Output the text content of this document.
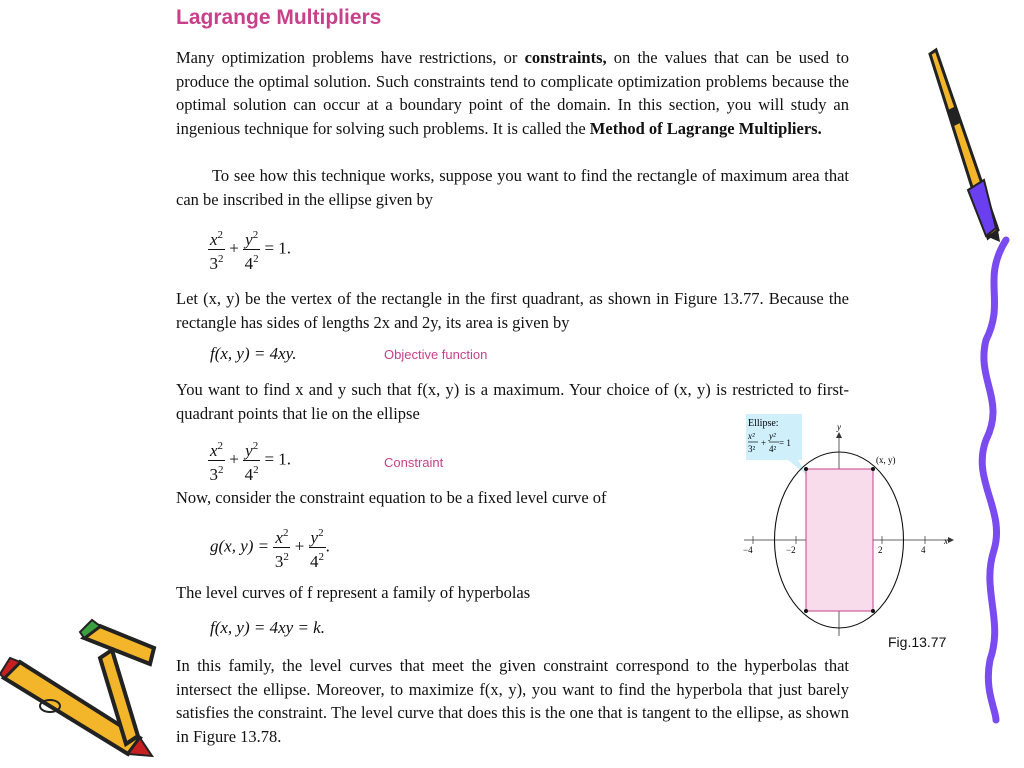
Lagrange Multipliers
Many optimization problems have restrictions, or constraints, on the values that can be used to produce the optimal solution. Such constraints tend to complicate optimization problems because the optimal solution can occur at a boundary point of the domain. In this section, you will study an ingenious technique for solving such problems. It is called the Method of Lagrange Multipliers.
To see how this technique works, suppose you want to find the rectangle of maximum area that can be inscribed in the ellipse given by
$\frac{x^2}{3^2} + \frac{y^2}{4^2} = 1$.
Let (x, y) be the vertex of the rectangle in the first quadrant, as shown in Figure 13.77. Because the rectangle has sides of lengths 2x and 2y, its area is given by
f(x, y) = 4xy.	Objective function
You want to find x and y such that f(x, y) is a maximum. Your choice of (x, y) is restricted to first-quadrant points that lie on the ellipse
$\frac{x^2}{3^2} + \frac{y^2}{4^2} = 1$.	Constraint
Now, consider the constraint equation to be a fixed level curve of
g(x, $y) = \frac{x^2}{3^2} + \frac{y^2}{4^2}$ .
The level curves of f represent a family of hyperbolas
f(x, y) = 4xy = k.
In this family, the level curves that meet the given constraint correspond to the hyperbolas that intersect the ellipse. Moreover, to maximize f(x, y), you want to find the hyperbola that just barely satisfies the constraint. The level curve that does this is the one that is tangent to the ellipse, as shown in Figure 13.78.
Ellipse:
x²
3²
+
y²
4²
= 1
x
y
−4	−2	2	4
(x, y)
Fig.13.77
